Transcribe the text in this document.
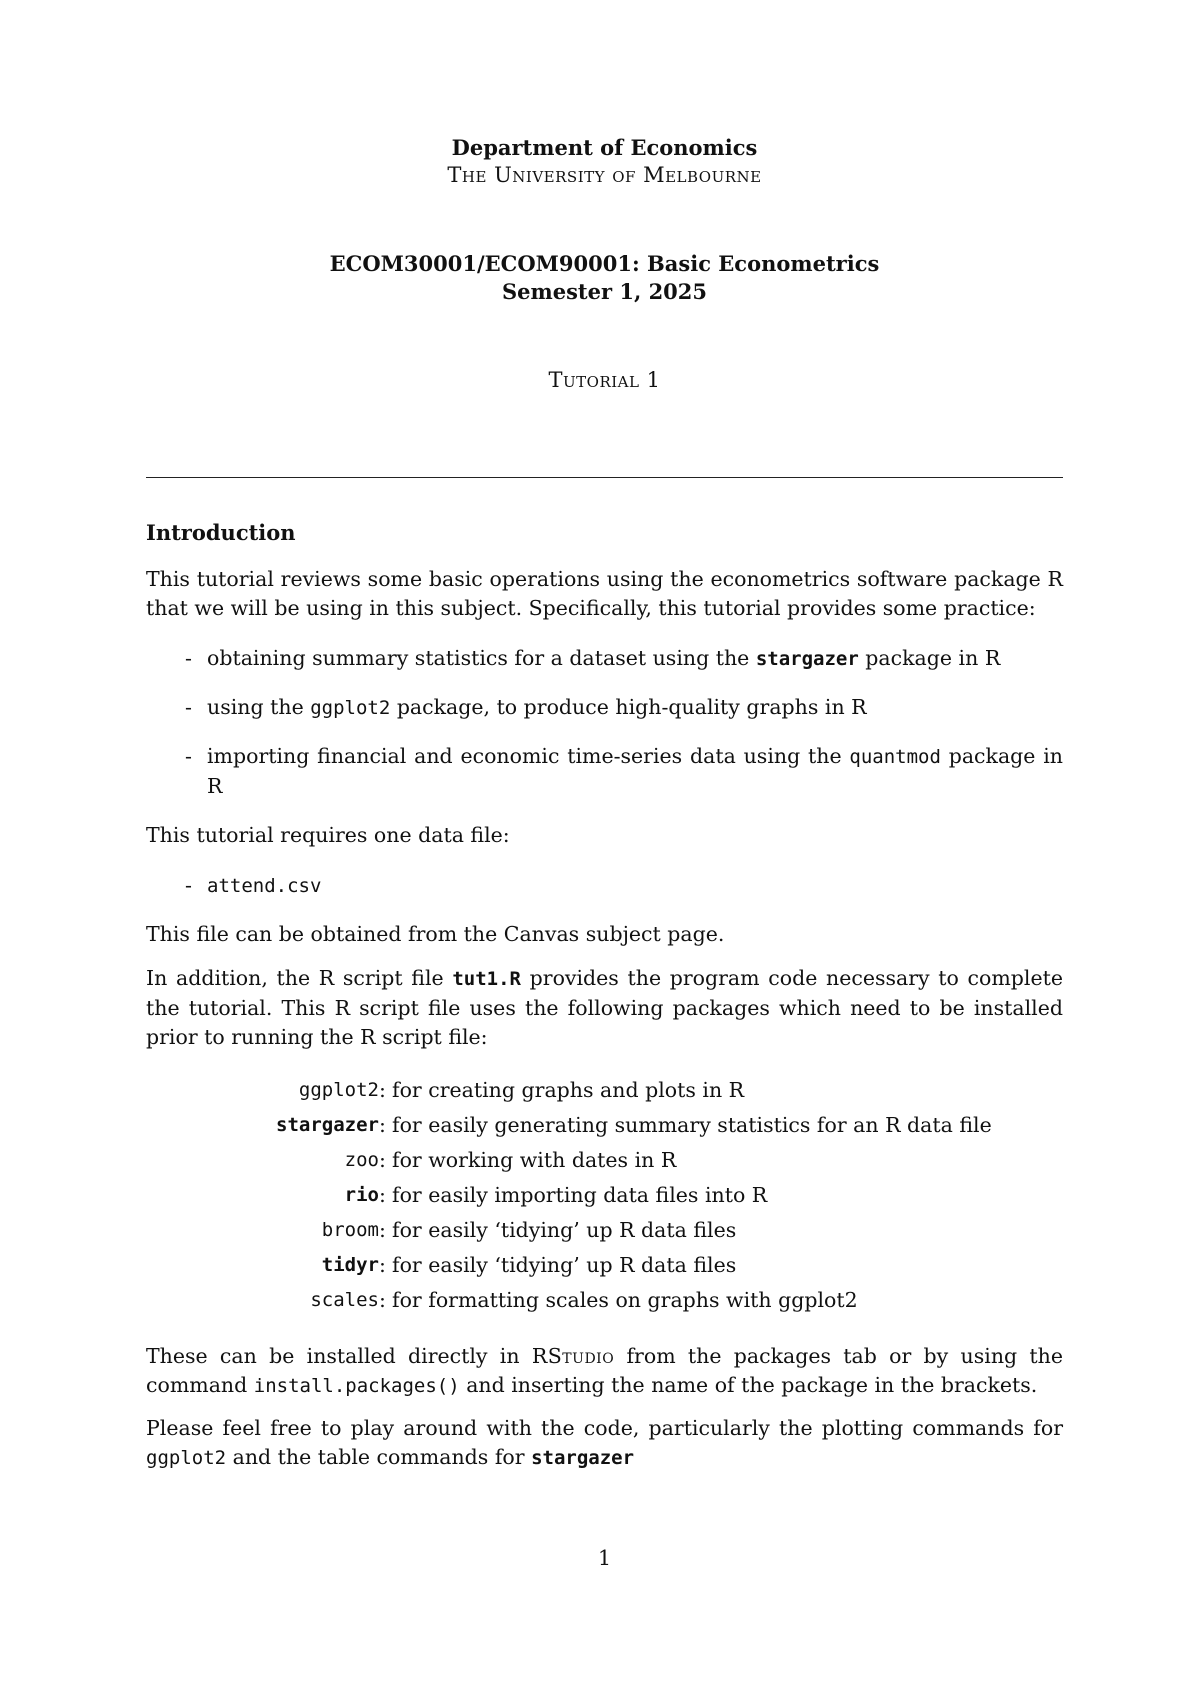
Department of Economics
The University of Melbourne
ECOM30001/ECOM90001: Basic Econometrics
Semester 1, 2025
Tutorial 1
Introduction
This tutorial reviews some basic operations using the econometrics software package R that we will be using in this subject. Specifically, this tutorial provides some practice:
- obtaining summary statistics for a dataset using the stargazer package in R
- using the ggplot2 package, to produce high-quality graphs in R
- importing financial and economic time-series data using the quantmod package in R
This tutorial requires one data file:
- attend.csv
This file can be obtained from the Canvas subject page.
In addition, the R script file tut1.R provides the program code necessary to complete the tutorial. This R script file uses the following packages which need to be installed prior to running the R script file:
ggplot2 : for creating graphs and plots in R
stargazer : for easily generating summary statistics for an R data file
zoo : for working with dates in R
rio : for easily importing data files into R
broom : for easily ‘tidying’ up R data files
tidyr : for easily ‘tidying’ up R data files
scales : for formatting scales on graphs with ggplot2
These can be installed directly in RStudio from the packages tab or by using the command install.packages() and inserting the name of the package in the brackets.
Please feel free to play around with the code, particularly the plotting commands for ggplot2 and the table commands for stargazer
1
